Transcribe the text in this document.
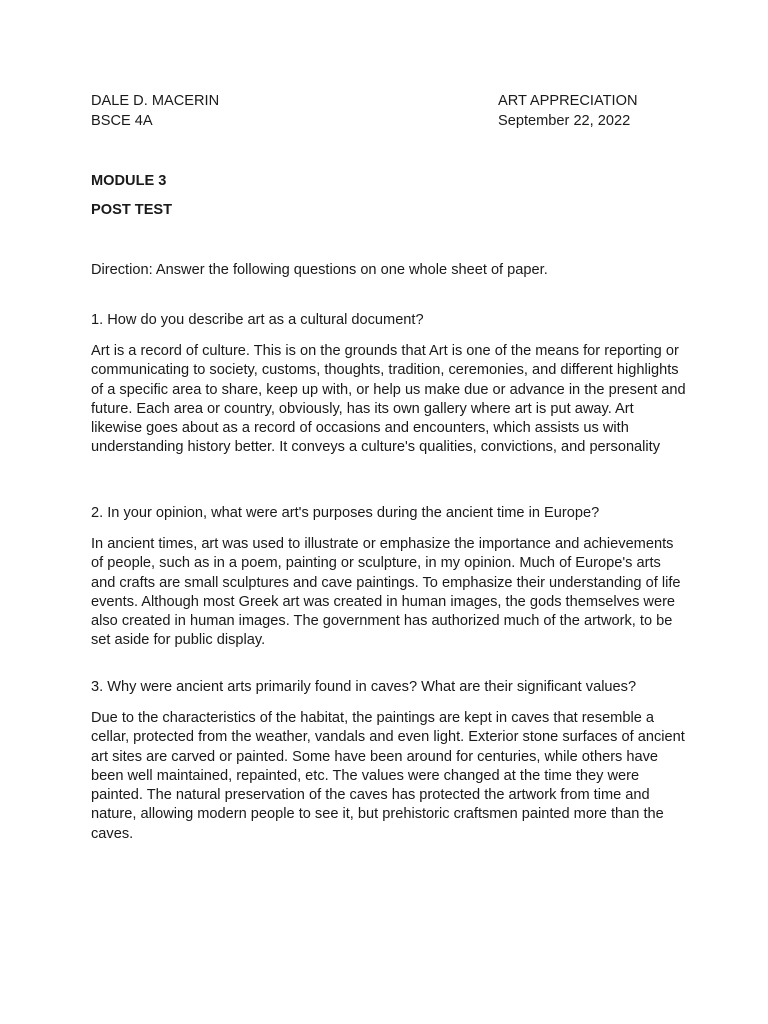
DALE D. MACERIN	ART APPRECIATION
BSCE 4A	September 22, 2022
MODULE 3
POST TEST
Direction: Answer the following questions on one whole sheet of paper.

1. How do you describe art as a cultural document?

Art is a record of culture. This is on the grounds that Art is one of the means for reporting or communicating to society, customs, thoughts, tradition, ceremonies, and different highlights of a specific area to share, keep up with, or help us make due or advance in the present and future. Each area or country, obviously, has its own gallery where art is put away. Art likewise goes about as a record of occasions and encounters, which assists us with understanding history better. It conveys a culture's qualities, convictions, and personality

2. In your opinion, what were art's purposes during the ancient time in Europe?

In ancient times, art was used to illustrate or emphasize the importance and achievements of people, such as in a poem, painting or sculpture, in my opinion. Much of Europe's arts and crafts are small sculptures and cave paintings. To emphasize their understanding of life events. Although most Greek art was created in human images, the gods themselves were also created in human images. The government has authorized much of the artwork, to be set aside for public display.

3. Why were ancient arts primarily found in caves? What are their significant values?

Due to the characteristics of the habitat, the paintings are kept in caves that resemble a cellar, protected from the weather, vandals and even light. Exterior stone surfaces of ancient art sites are carved or painted. Some have been around for centuries, while others have been well maintained, repainted, etc. The values were changed at the time they were painted. The natural preservation of the caves has protected the artwork from time and nature, allowing modern people to see it, but prehistoric craftsmen painted more than the caves.
